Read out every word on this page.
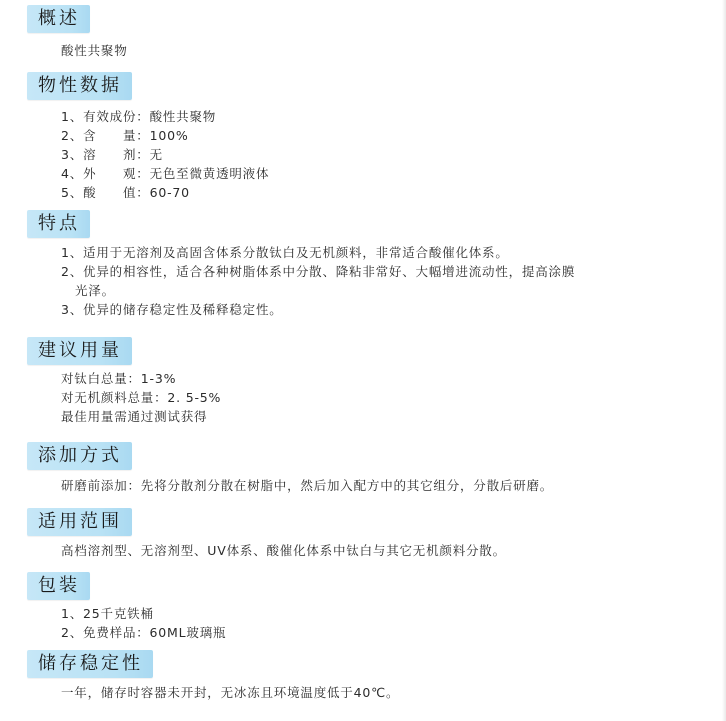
概述
酸性共聚物
物性数据
1、有效成份：酸性共聚物
2、含　　量：100%
3、溶　　剂：无
4、外　　观：无色至微黄透明液体
5、酸　　值：60-70
特点
1、适用于无溶剂及高固含体系分散钛白及无机颜料，非常适合酸催化体系。
2、优异的相容性，适合各种树脂体系中分散、降粘非常好、大幅增进流动性，提高涂膜
光泽。
3、优异的储存稳定性及稀释稳定性。
建议用量
对钛白总量：1-3%
对无机颜料总量：2. 5-5%
最佳用量需通过测试获得
添加方式
研磨前添加：先将分散剂分散在树脂中，然后加入配方中的其它组分，分散后研磨。
适用范围
高档溶剂型、无溶剂型、UV体系、酸催化体系中钛白与其它无机颜料分散。
包装
1、25千克铁桶
2、免费样品：60ML玻璃瓶
储存稳定性
一年，储存时容器未开封，无冰冻且环境温度低于40℃。
